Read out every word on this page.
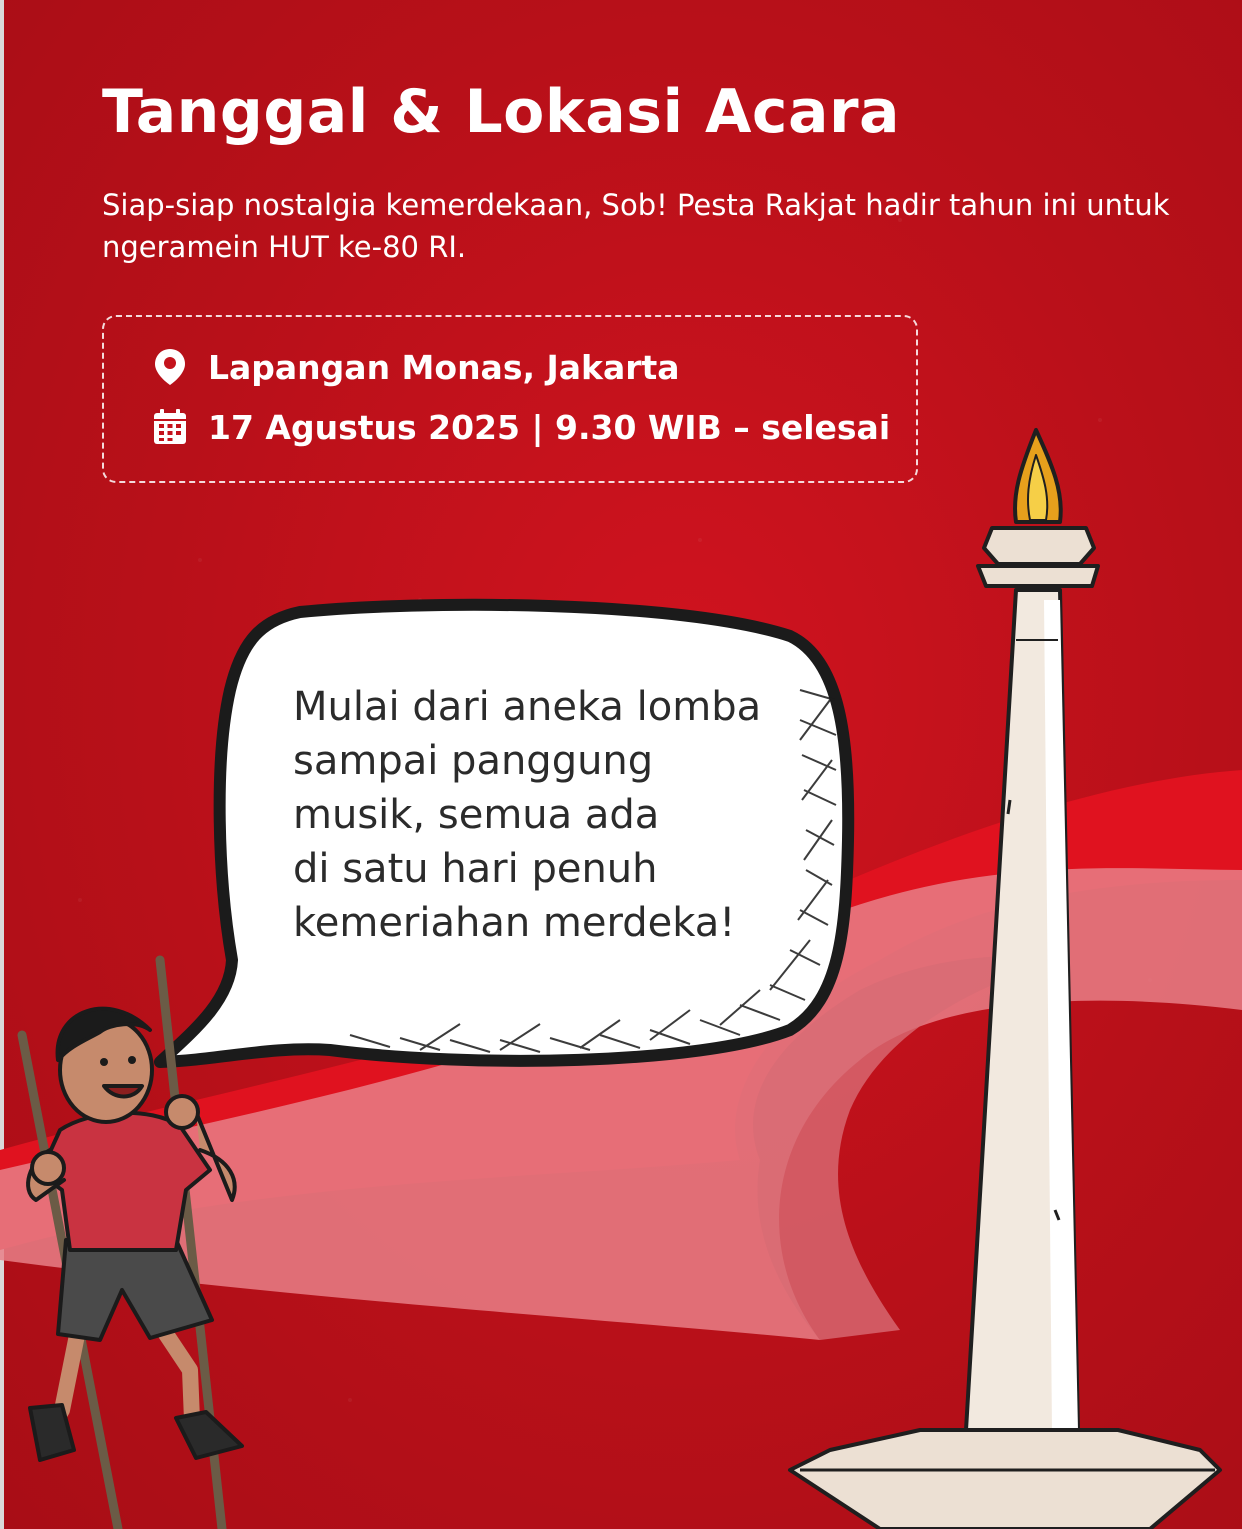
Tanggal & Lokasi Acara

Siap-siap nostalgia kemerdekaan, Sob! Pesta Rakjat hadir tahun ini untuk ngeramein HUT ke-80 RI.

Lapangan Monas, Jakarta
17 Agustus 2025 | 9.30 WIB – selesai
Mulai dari aneka lomba
sampai panggung
musik, semua ada
di satu hari penuh
kemeriahan merdeka!
